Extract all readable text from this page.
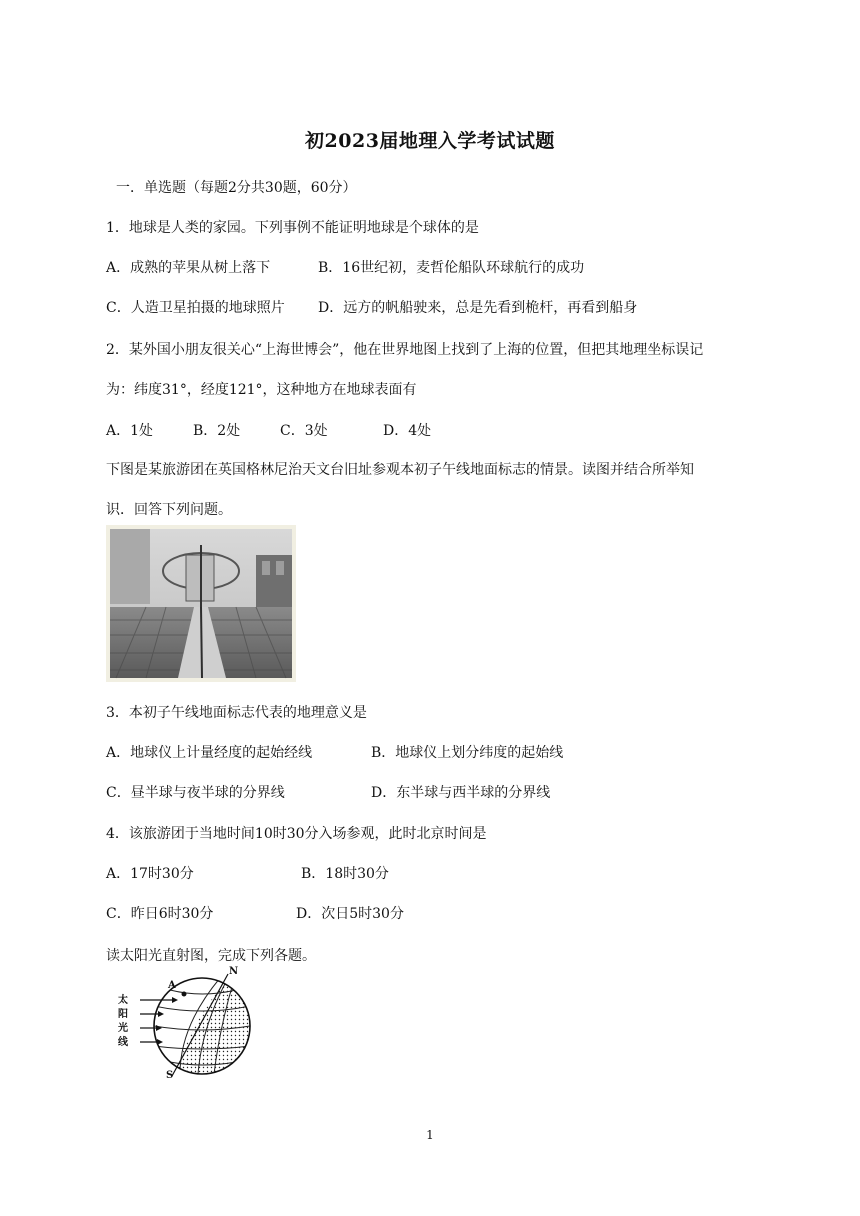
初2023届地理入学考试试题
一．单选题（每题2分共30题，60分）
1．地球是人类的家园。下列事例不能证明地球是个球体的是
A．成熟的苹果从树上落下	B．16世纪初，麦哲伦船队环球航行的成功
C．人造卫星拍摄的地球照片 D．远方的帆船驶来，总是先看到桅杆，再看到船身
2．某外国小朋友很关心“上海世博会”，他在世界地图上找到了上海的位置，但把其地理坐标误记
为：纬度31°，经度121°，这种地方在地球表面有
A．1处	B．2处	C．3处	D．4处
下图是某旅游团在英国格林尼治天文台旧址参观本初子午线地面标志的情景。读图并结合所举知
识．回答下列问题。
3．本初子午线地面标志代表的地理意义是
A．地球仪上计量经度的起始经线	B．地球仪上划分纬度的起始线
C．昼半球与夜半球的分界线	D．东半球与西半球的分界线
4．该旅游团于当地时间10时30分入场参观，此时北京时间是
A．17时30分	B．18时30分
C．昨日6时30分	D．次日5时30分
读太阳光直射图，完成下列各题。
N
S
A
太
阳
光
线
1
